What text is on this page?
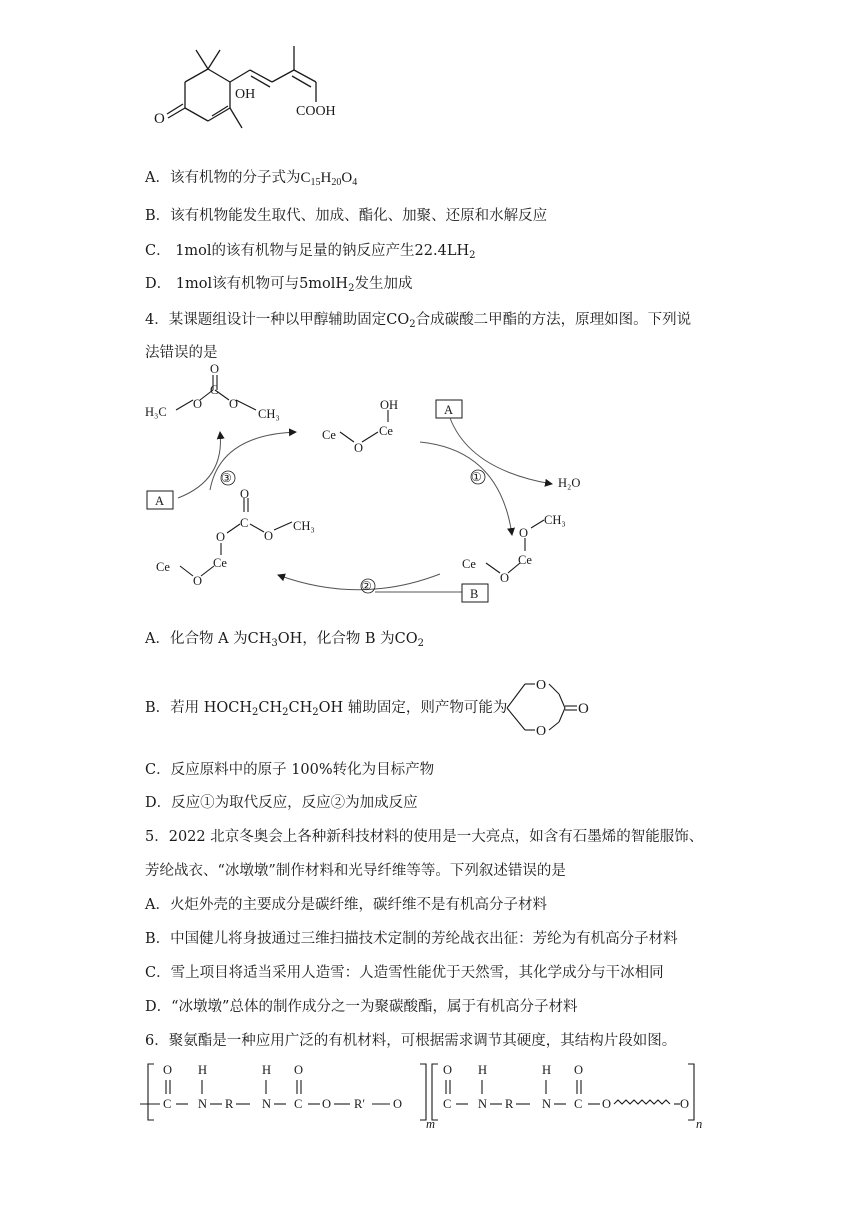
O
OH
COOH
A．该有机物的分子式为$C_{15}H_{20}O_4$
B．该有机物能发生取代、加成、酯化、加聚、还原和水解反应
C． 1mol的该有机物与足量的钠反应产生$22.4LH_2$
D． 1mol该有机物可与5molH$_2$发生加成
4．某课题组设计一种以甲醇辅助固定$CO_2$合成碳酸二甲酯的方法，原理如图。下列说
法错误的是
O
C
H₃C
O O
CH₃
Ce
O
Ce
OH	A
①	H₂O
Ce
O
Ce
O
CH₃
②
B
Ce
O
Ce
O
C
O
O
CH₃
③
A
A．化合物 A 为$CH_3OH$，化合物 B 为$CO_2$
B．若用 $HOCH_2CH_2CH_2OH$ 辅助固定，则产物可能为
O
O
O
C．反应原料中的原子 100%转化为目标产物
D．反应①为取代反应，反应②为加成反应
5．2022 北京冬奥会上各种新科技材料的使用是一大亮点，如含有石墨烯的智能服饰、
芳纶战衣、“冰墩墩”制作材料和光导纤维等等。下列叙述错误的是
A．火炬外壳的主要成分是碳纤维，碳纤维不是有机高分子材料
B．中国健儿将身披通过三维扫描技术定制的芳纶战衣出征：芳纶为有机高分子材料
C．雪上项目将适当采用人造雪：人造雪性能优于天然雪，其化学成分与干冰相同
D．“冰墩墩”总体的制作成分之一为聚碳酸酯，属于有机高分子材料
6．聚氨酯是一种应用广泛的有机材料，可根据需求调节其硬度，其结构片段如图。
O
C
H
N R
H
N
O
C O R′ O
m
O
C
H
N R
H
N
O
C O	O
n
